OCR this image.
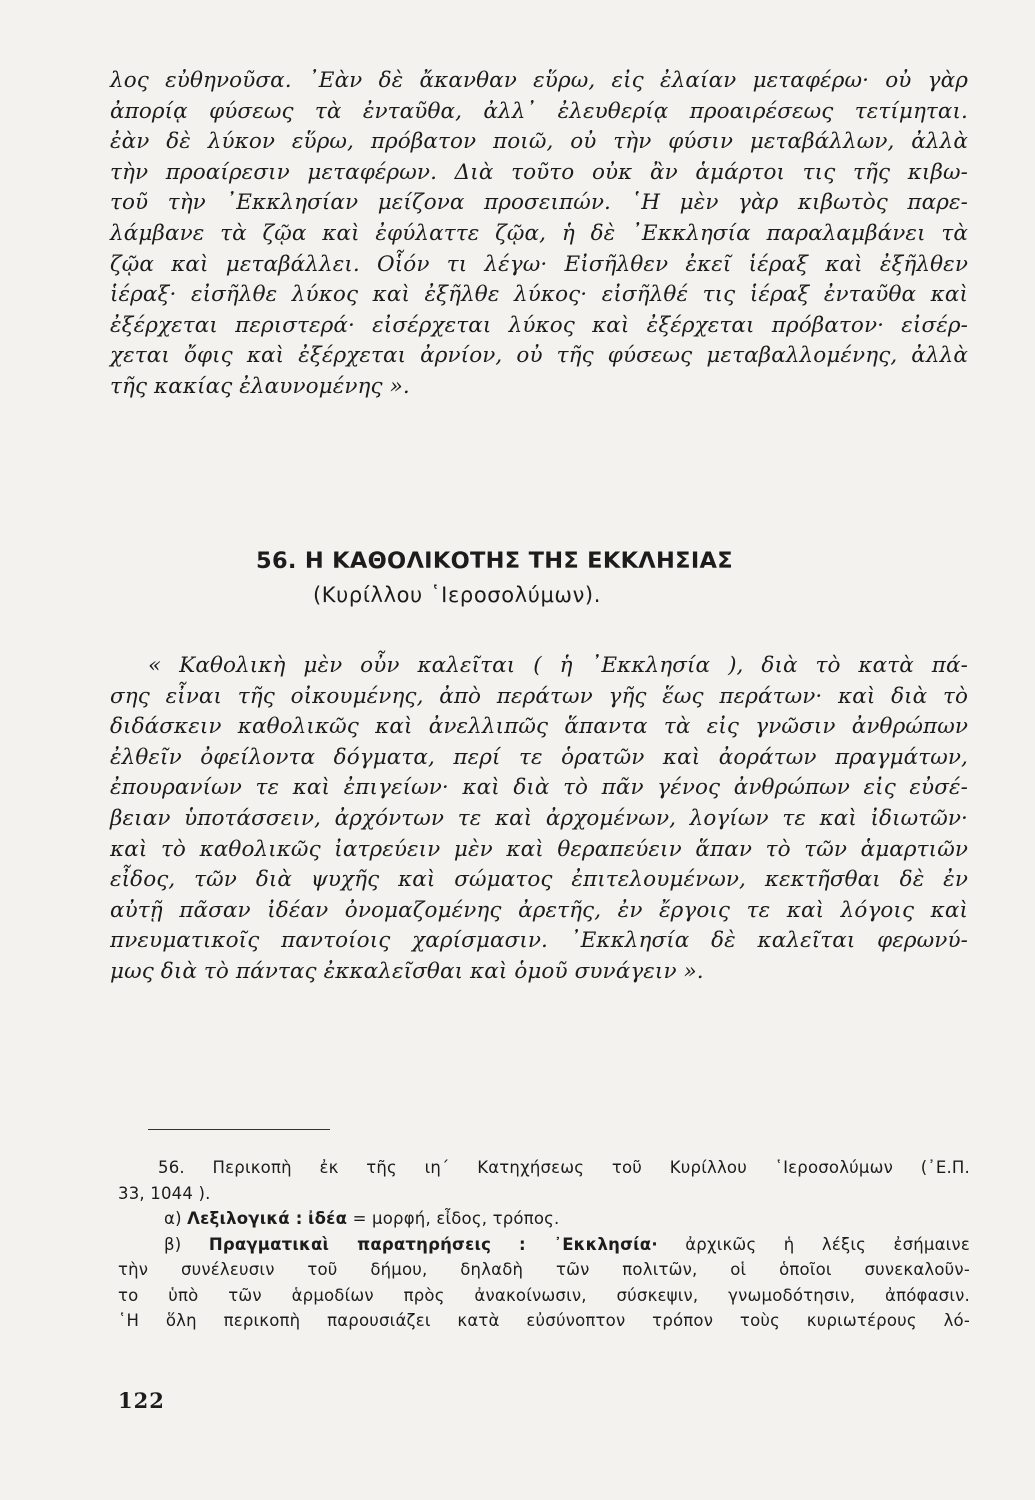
λος εὐθηνοῦσα. ᾿Εὰν δὲ ἄκανθαν εὕρω, εἰς ἐλαίαν μεταφέρω· οὐ γὰρ
ἀπορίᾳ φύσεως τὰ ἐνταῦθα, ἀλλ᾿ ἐλευθερίᾳ προαιρέσεως τετίμηται.
ἐὰν δὲ λύκον εὕρω, πρόβατον ποιῶ, οὐ τὴν φύσιν μεταβάλλων, ἀλλὰ
τὴν προαίρεσιν μεταφέρων. Διὰ τοῦτο οὐκ ἂν ἁμάρτοι τις τῆς κιβω-
τοῦ τὴν ᾿Εκκλησίαν μείζονα προσειπών. ῾Η μὲν γὰρ κιβωτὸς παρε-
λάμβανε τὰ ζῷα καὶ ἐφύλαττε ζῷα, ἡ δὲ ᾿Εκκλησία παραλαμβάνει τὰ
ζῷα καὶ μεταβάλλει. Οἷόν τι λέγω· Εἰσῆλθεν ἐκεῖ ἱέραξ καὶ ἐξῆλθεν
ἱέραξ· εἰσῆλθε λύκος καὶ ἐξῆλθε λύκος· εἰσῆλθέ τις ἱέραξ ἐνταῦθα καὶ
ἐξέρχεται περιστερά· εἰσέρχεται λύκος καὶ ἐξέρχεται πρόβατον· εἰσέρ-
χεται ὄφις καὶ ἐξέρχεται ἀρνίον, οὐ τῆς φύσεως μεταβαλλομένης, ἀλλὰ
τῆς κακίας ἐλαυνομένης ».
56. Η ΚΑΘΟΛΙΚΟΤΗΣ ΤΗΣ ΕΚΚΛΗΣΙΑΣ
(Κυρίλλου ῾Ιεροσολύμων).
« Καθολικὴ μὲν οὖν καλεῖται ( ἡ ᾿Εκκλησία ), διὰ τὸ κατὰ πά-
σης εἶναι τῆς οἰκουμένης, ἀπὸ περάτων γῆς ἕως περάτων· καὶ διὰ τὸ
διδάσκειν καθολικῶς καὶ ἀνελλιπῶς ἅπαντα τὰ εἰς γνῶσιν ἀνθρώπων
ἐλθεῖν ὀφείλοντα δόγματα, περί τε ὁρατῶν καὶ ἀοράτων πραγμάτων,
ἐπουρανίων τε καὶ ἐπιγείων· καὶ διὰ τὸ πᾶν γένος ἀνθρώπων εἰς εὐσέ-
βειαν ὑποτάσσειν, ἀρχόντων τε καὶ ἀρχομένων, λογίων τε καὶ ἰδιωτῶν·
καὶ τὸ καθολικῶς ἰατρεύειν μὲν καὶ θεραπεύειν ἅπαν τὸ τῶν ἁμαρτιῶν
εἶδος, τῶν διὰ ψυχῆς καὶ σώματος ἐπιτελουμένων, κεκτῆσθαι δὲ ἐν
αὐτῇ πᾶσαν ἰδέαν ὀνομαζομένης ἀρετῆς, ἐν ἔργοις τε καὶ λόγοις καὶ
πνευματικοῖς παντοίοις χαρίσμασιν. ᾿Εκκλησία δὲ καλεῖται φερωνύ-
μως διὰ τὸ πάντας ἐκκαλεῖσθαι καὶ ὁμοῦ συνάγειν ».
56. Περικοπὴ ἐκ τῆς ιη΄ Κατηχήσεως τοῦ Κυρίλλου ῾Ιεροσολύμων (᾿Ε.Π.
33, 1044 ).
α) Λεξιλογικά : ἰδέα = μορφή, εἶδος, τρόπος.
β) Πραγματικαὶ παρατηρήσεις : ᾿Εκκλησία· ἀρχικῶς ἡ λέξις ἐσήμαινε
τὴν συνέλευσιν τοῦ δήμου, δηλαδὴ τῶν πολιτῶν, οἱ ὁποῖοι συνεκαλοῦν-
το ὑπὸ τῶν ἁρμοδίων πρὸς ἀνακοίνωσιν, σύσκεψιν, γνωμοδότησιν, ἀπόφασιν.
῾Η ὅλη περικοπὴ παρουσιάζει κατὰ εὐσύνοπτον τρόπον τοὺς κυριωτέρους λό-
122
